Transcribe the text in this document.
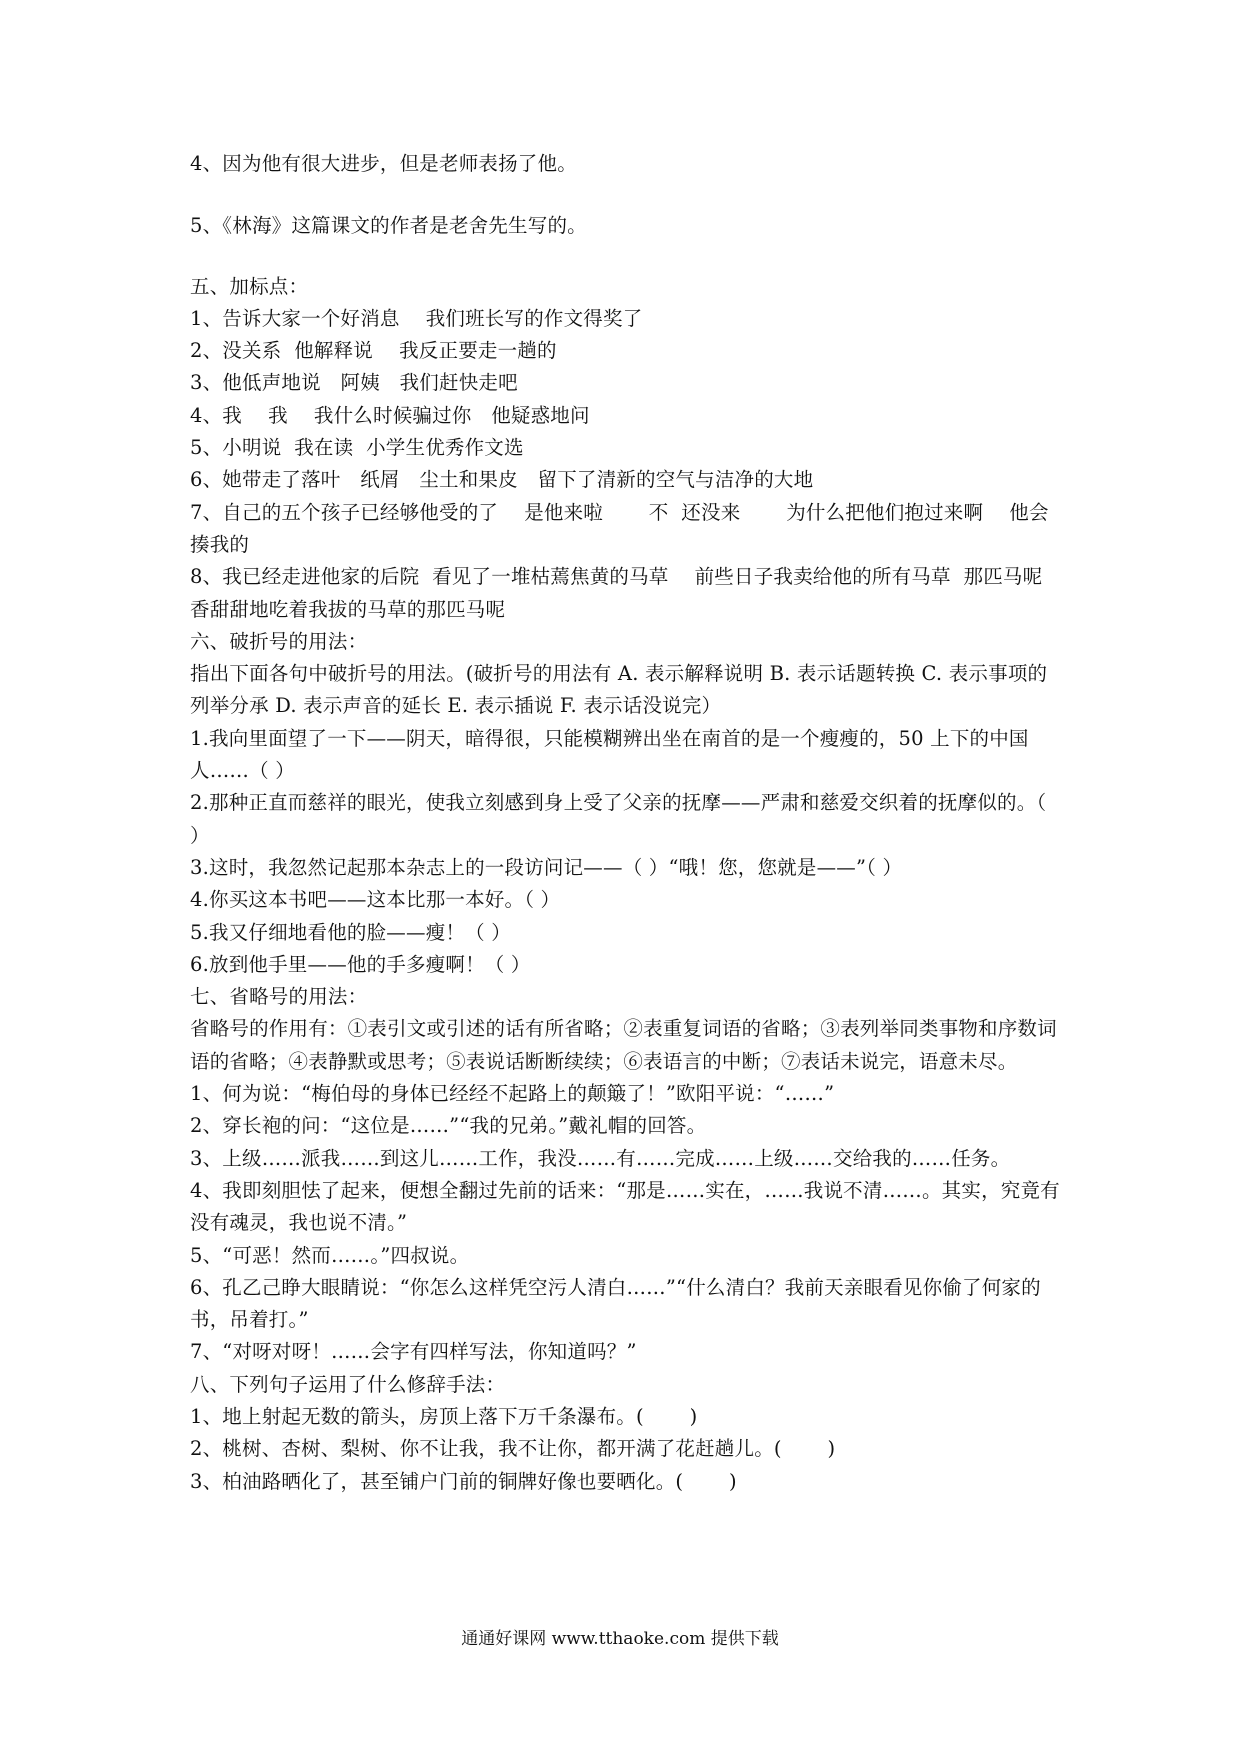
4、因为他有很大进步，但是老师表扬了他。
5、《林海》这篇课文的作者是老舍先生写的。
五、加标点：
1、告诉大家一个好消息　 我们班长写的作文得奖了
2、没关系  他解释说　 我反正要走一趟的
3、他低声地说　阿姨　我们赶快走吧
4、我　 我　 我什么时候骗过你　他疑惑地问
5、小明说  我在读  小学生优秀作文选
6、她带走了落叶　纸屑　尘土和果皮　留下了清新的空气与洁净的大地
7、自己的五个孩子已经够他受的了　 是他来啦　　 不  还没来　　 为什么把他们抱过来啊　 他会揍我的
8、我已经走进他家的后院  看见了一堆枯蔫焦黄的马草　 前些日子我卖给他的所有马草  那匹马呢　香甜甜地吃着我拔的马草的那匹马呢
六、破折号的用法：
指出下面各句中破折号的用法。(破折号的用法有 A. 表示解释说明 B. 表示话题转换 C. 表示事项的列举分承 D. 表示声音的延长 E. 表示插说 F. 表示话没说完）
1.我向里面望了一下——阴天，暗得很，只能模糊辨出坐在南首的是一个瘦瘦的，50 上下的中国人……（ ）
2.那种正直而慈祥的眼光，使我立刻感到身上受了父亲的抚摩——严肃和慈爱交织着的抚摩似的。（ ）
3.这时，我忽然记起那本杂志上的一段访问记——（ ）“哦！您，您就是——”（ ）
4.你买这本书吧——这本比那一本好。（ ）
5.我又仔细地看他的脸——瘦！（ ）
6.放到他手里——他的手多瘦啊！（ ）
七、省略号的用法：
省略号的作用有：①表引文或引述的话有所省略；②表重复词语的省略；③表列举同类事物和序数词语的省略；④表静默或思考；⑤表说话断断续续；⑥表语言的中断；⑦表话未说完，语意未尽。
1、何为说：“梅伯母的身体已经经不起路上的颠簸了！”欧阳平说：“……”
2、穿长袍的问：“这位是……”“我的兄弟。”戴礼帽的回答。
3、上级……派我……到这儿……工作，我没……有……完成……上级……交给我的……任务。
4、我即刻胆怯了起来，便想全翻过先前的话来：“那是……实在，……我说不清……。其实，究竟有没有魂灵，我也说不清。”
5、“可恶！然而……。”四叔说。
6、孔乙己睁大眼睛说：“你怎么这样凭空污人清白……”“什么清白？我前天亲眼看见你偷了何家的书，吊着打。”
7、“对呀对呀！……会字有四样写法，你知道吗？”
八、下列句子运用了什么修辞手法：
1、地上射起无数的箭头，房顶上落下万千条瀑布。(　　 )
2、桃树、杏树、梨树、你不让我，我不让你，都开满了花赶趟儿。(　　 )
3、柏油路晒化了，甚至铺户门前的铜牌好像也要晒化。(　　 )
通通好课网 www.tthaoke.com 提供下载
